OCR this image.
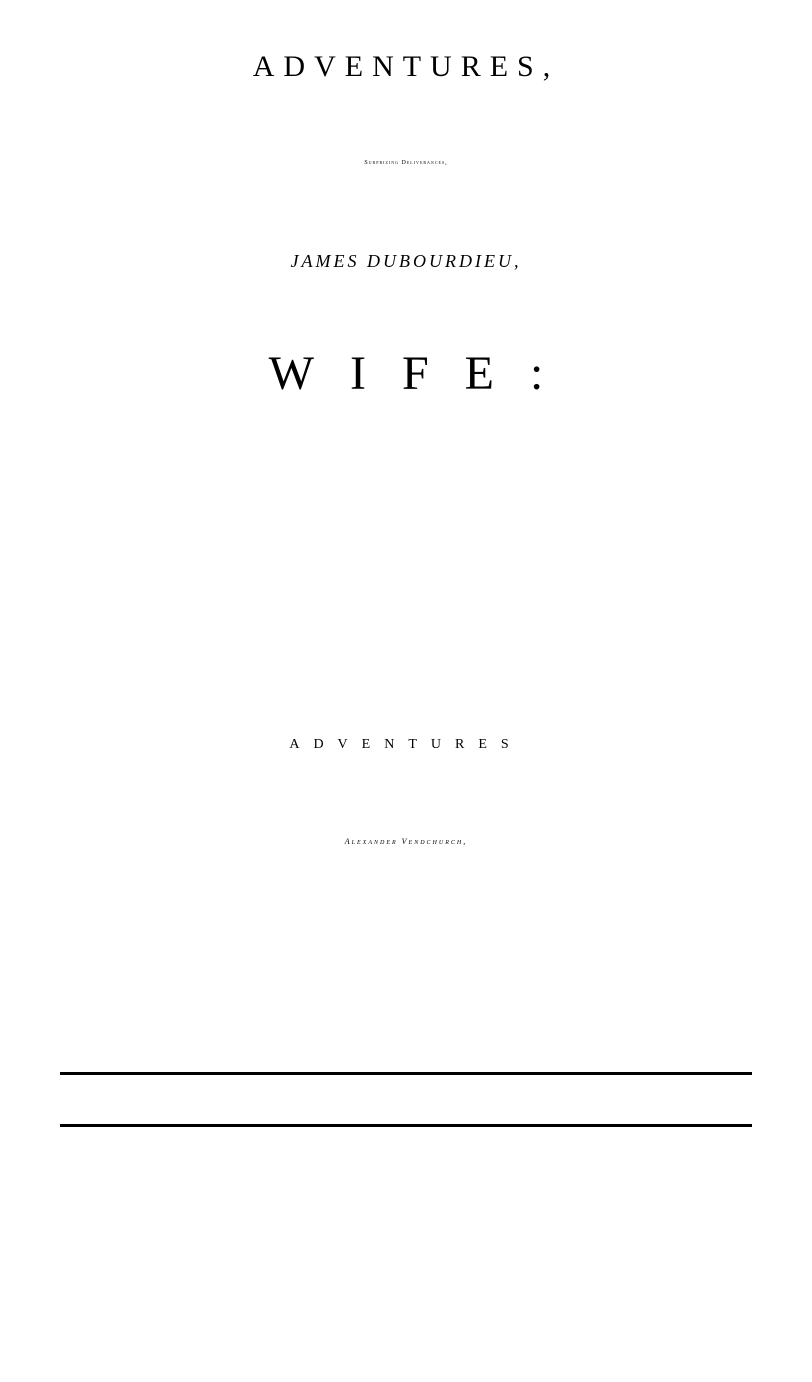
ADVENTURES,
Surprizing Deliverances,
JAMES DUBOURDIEU,
WIFE:
ADVENTURES
Alexander Vendchurch,
